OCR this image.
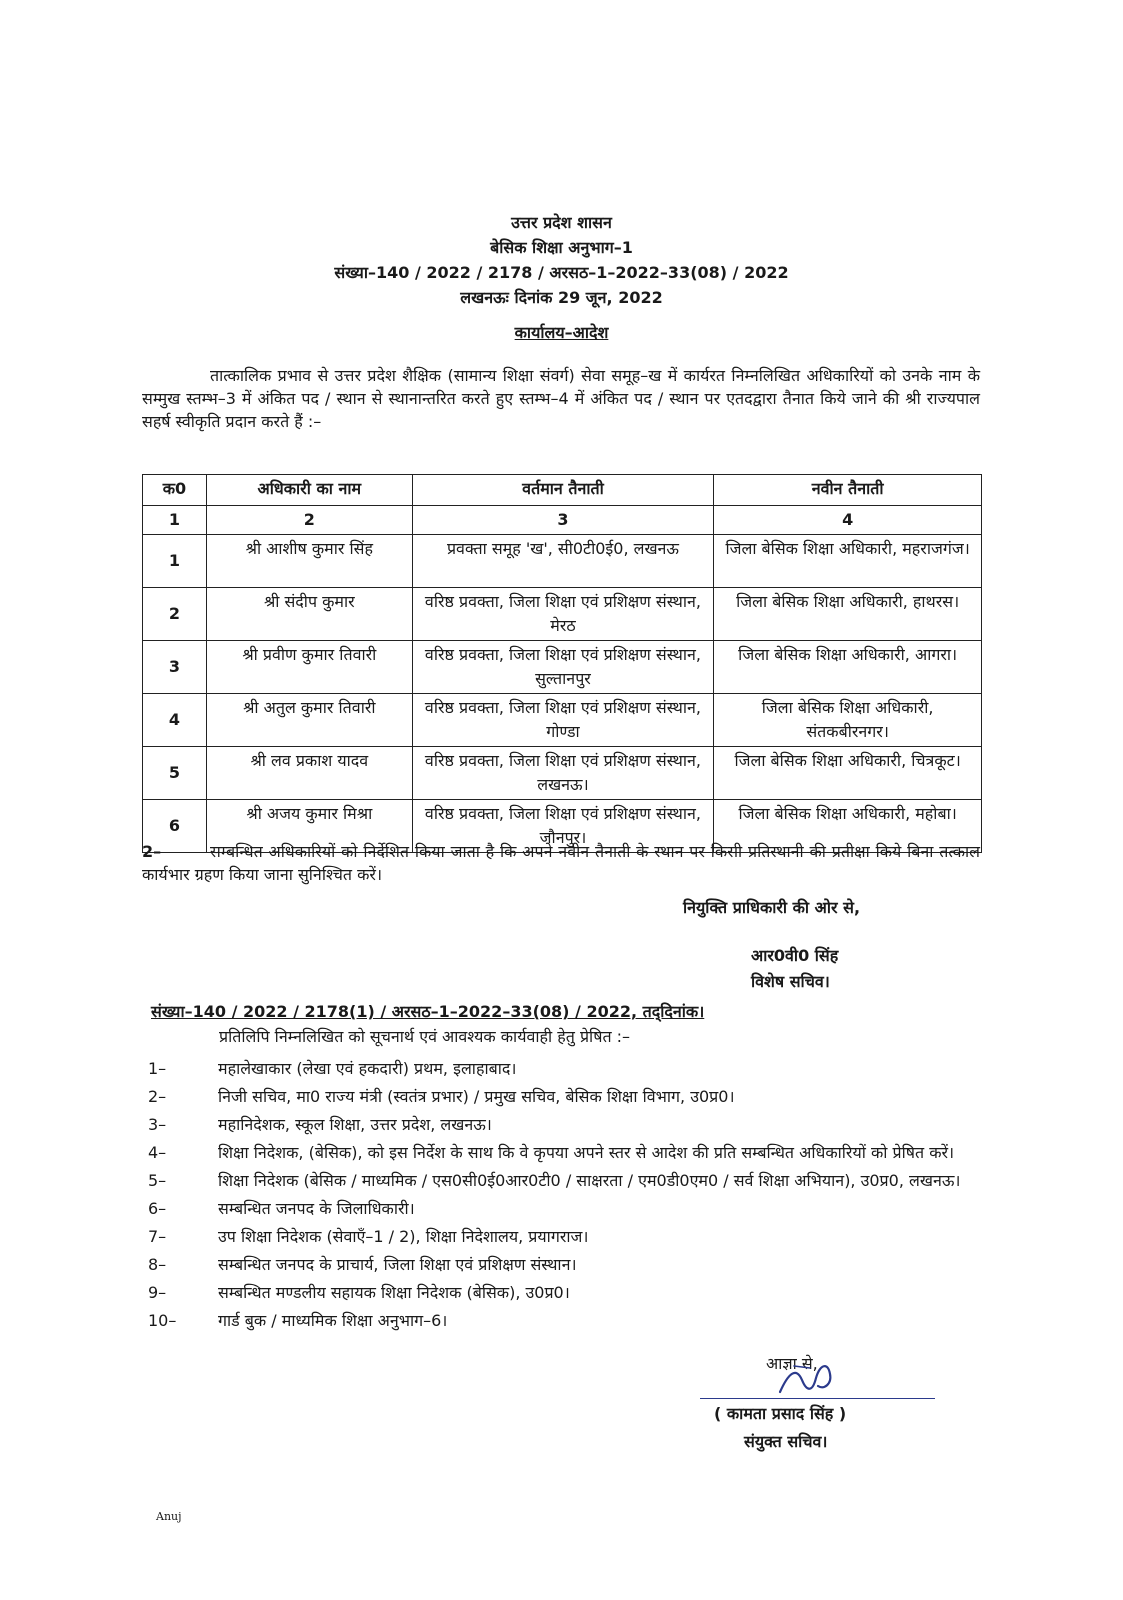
उत्तर प्रदेश शासन
बेसिक शिक्षा अनुभाग–1
संख्या–140 / 2022 / 2178 / अरसठ–1–2022–33(08) / 2022
लखनऊः दिनांक 29 जून, 2022
कार्यालय–आदेश
तात्कालिक प्रभाव से उत्तर प्रदेश शैक्षिक (सामान्य शिक्षा संवर्ग) सेवा समूह–ख में कार्यरत निम्नलिखित अधिकारियों को उनके नाम के सम्मुख स्तम्भ–3 में अंकित पद / स्थान से स्थानान्तरित करते हुए स्तम्भ–4 में अंकित पद / स्थान पर एतदद्वारा तैनात किये जाने की श्री राज्यपाल सहर्ष स्वीकृति प्रदान करते हैं :–
क0	अधिकारी का नाम	वर्तमान तैनाती	नवीन तैनाती
1	2	3	4
1	श्री आशीष कुमार सिंह	प्रवक्ता समूह 'ख', सी0टी0ई0, लखनऊ	जिला बेसिक शिक्षा अधिकारी, महराजगंज।
2	श्री संदीप कुमार	वरिष्ठ प्रवक्ता, जिला शिक्षा एवं प्रशिक्षण संस्थान, मेरठ	जिला बेसिक शिक्षा अधिकारी, हाथरस।
3	श्री प्रवीण कुमार तिवारी	वरिष्ठ प्रवक्ता, जिला शिक्षा एवं प्रशिक्षण संस्थान, सुल्तानपुर	जिला बेसिक शिक्षा अधिकारी, आगरा।
4	श्री अतुल कुमार तिवारी	वरिष्ठ प्रवक्ता, जिला शिक्षा एवं प्रशिक्षण संस्थान, गोण्डा	जिला बेसिक शिक्षा अधिकारी, संतकबीरनगर।
5	श्री लव प्रकाश यादव	वरिष्ठ प्रवक्ता, जिला शिक्षा एवं प्रशिक्षण संस्थान, लखनऊ।	जिला बेसिक शिक्षा अधिकारी, चित्रकूट।
6	श्री अजय कुमार मिश्रा	वरिष्ठ प्रवक्ता, जिला शिक्षा एवं प्रशिक्षण संस्थान, जौनपुर।	जिला बेसिक शिक्षा अधिकारी, महोबा।
2–	सम्बन्धित अधिकारियों को निर्देशित किया जाता है कि अपने नवीन तैनाती के स्थान पर किसी प्रतिस्थानी की प्रतीक्षा किये बिना तत्काल कार्यभार ग्रहण किया जाना सुनिश्चित करें।
नियुक्ति प्राधिकारी की ओर से,
आर0वी0 सिंह
विशेष सचिव।
संख्या–140 / 2022 / 2178(1) / अरसठ–1–2022–33(08) / 2022, तद्‌दिनांक।
प्रतिलिपि निम्नलिखित को सूचनार्थ एवं आवश्यक कार्यवाही हेतु प्रेषित :–
1–	महालेखाकार (लेखा एवं हकदारी) प्रथम, इलाहाबाद।
2–	निजी सचिव, मा0 राज्य मंत्री (स्वतंत्र प्रभार) / प्रमुख सचिव, बेसिक शिक्षा विभाग, उ0प्र0।
3–	महानिदेशक, स्कूल शिक्षा, उत्तर प्रदेश, लखनऊ।
4–	शिक्षा निदेशक, (बेसिक), को इस निर्देश के साथ कि वे कृपया अपने स्तर से आदेश की प्रति सम्बन्धित अधिकारियों को प्रेषित करें।
5–	शिक्षा निदेशक (बेसिक / माध्यमिक / एस0सी0ई0आर0टी0 / साक्षरता / एम0डी0एम0 / सर्व शिक्षा अभियान), उ0प्र0, लखनऊ।
6–	सम्बन्धित जनपद के जिलाधिकारी।
7–	उप शिक्षा निदेशक (सेवाएँ–1 / 2), शिक्षा निदेशालय, प्रयागराज।
8–	सम्बन्धित जनपद के प्राचार्य, जिला शिक्षा एवं प्रशिक्षण संस्थान।
9–	सम्बन्धित मण्डलीय सहायक शिक्षा निदेशक (बेसिक), उ0प्र0।
10–	गार्ड बुक / माध्यमिक शिक्षा अनुभाग–6।
आज्ञा से,
( कामता प्रसाद सिंह )
संयुक्त सचिव।
Anuj
